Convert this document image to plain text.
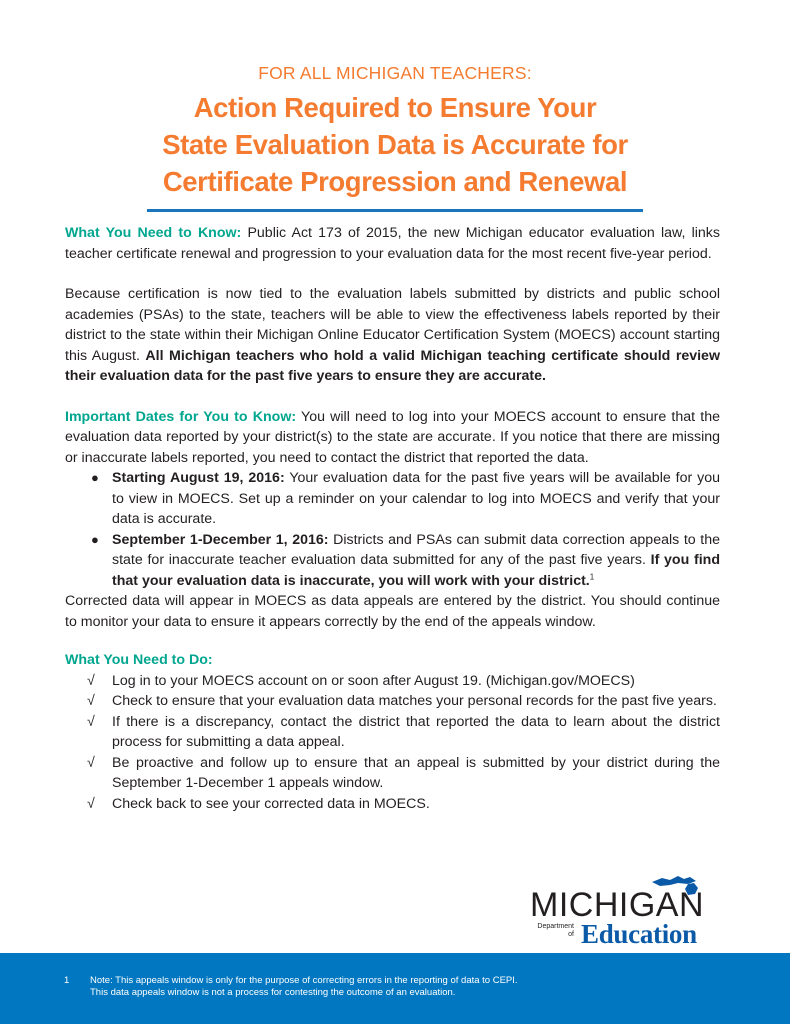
FOR ALL MICHIGAN TEACHERS:
Action Required to Ensure Your
State Evaluation Data is Accurate for
Certificate Progression and Renewal

What You Need to Know: Public Act 173 of 2015, the new Michigan educator evaluation law, links teacher certificate renewal and progression to your evaluation data for the most recent five-year period.

Because certification is now tied to the evaluation labels submitted by districts and public school academies (PSAs) to the state, teachers will be able to view the effectiveness labels reported by their district to the state within their Michigan Online Educator Certification System (MOECS) account starting this August. All Michigan teachers who hold a valid Michigan teaching certificate should review their evaluation data for the past five years to ensure they are accurate.

Important Dates for You to Know: You will need to log into your MOECS account to ensure that the evaluation data reported by your district(s) to the state are accurate. If you notice that there are missing or inaccurate labels reported, you need to contact the district that reported the data.

● Starting August 19, 2016: Your evaluation data for the past five years will be available for you to view in MOECS. Set up a reminder on your calendar to log into MOECS and verify that your data is accurate.
● September 1-December 1, 2016: Districts and PSAs can submit data correction appeals to the state for inaccurate teacher evaluation data submitted for any of the past five years. If you find that your evaluation data is inaccurate, you will work with your district.$^1$

Corrected data will appear in MOECS as data appeals are entered by the district. You should continue to monitor your data to ensure it appears correctly by the end of the appeals window.

What You Need to Do:

√ Log in to your MOECS account on or soon after August 19. (Michigan.gov/MOECS)
√ Check to ensure that your evaluation data matches your personal records for the past five years.
√ If there is a discrepancy, contact the district that reported the data to learn about the district process for submitting a data appeal.
√ Be proactive and follow up to ensure that an appeal is submitted by your district during the September 1-December 1 appeals window.
√ Check back to see your corrected data in MOECS.
MICHIGAN
Department
of Education
1 Note: This appeals window is only for the purpose of correcting errors in the reporting of data to CEPI.
This data appeals window is not a process for contesting the outcome of an evaluation.
